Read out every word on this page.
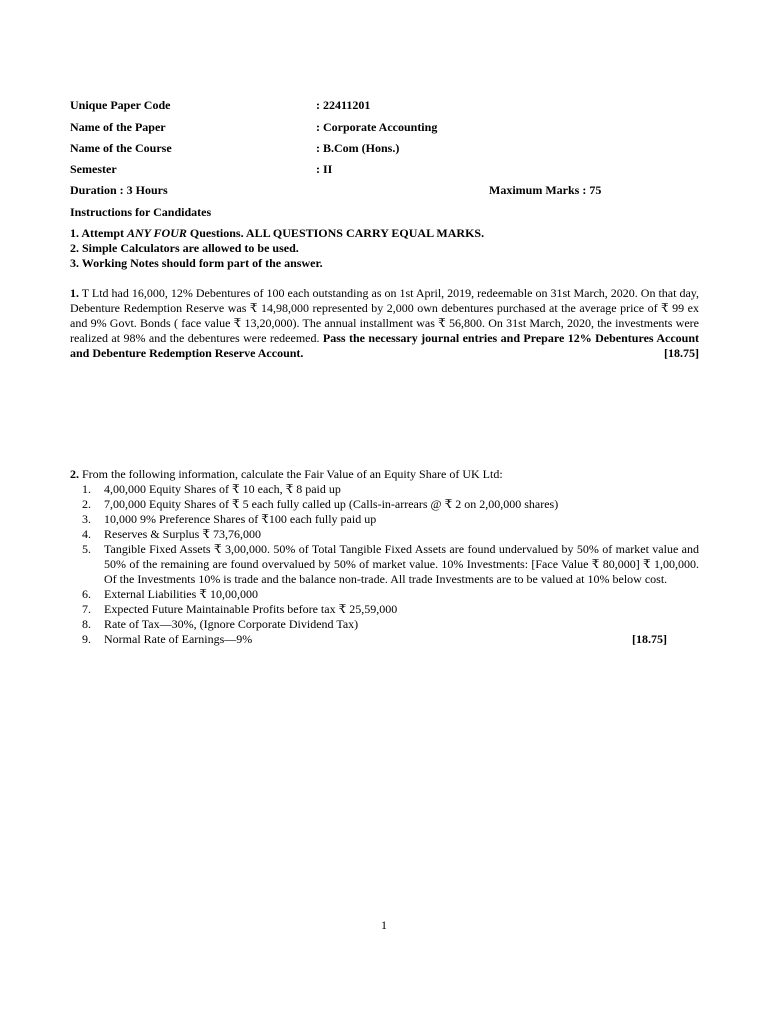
Unique Paper Code	: 22411201
Name of the Paper	: Corporate Accounting
Name of the Course	: B.Com (Hons.)
Semester	: II
Duration : 3 Hours	Maximum Marks : 75
Instructions for Candidates
1. Attempt ANY FOUR Questions. ALL QUESTIONS CARRY EQUAL MARKS.
2. Simple Calculators are allowed to be used.
3. Working Notes should form part of the answer.
1. T Ltd had 16,000, 12% Debentures of 100 each outstanding as on 1st April, 2019, redeemable on 31st March, 2020. On that day, Debenture Redemption Reserve was ₹ 14,98,000 represented by 2,000 own debentures purchased at the average price of ₹ 99 ex and 9% Govt. Bonds ( face value ₹ 13,20,000). The annual installment was ₹ 56,800. On 31st March, 2020, the investments were realized at 98% and the debentures were redeemed. Pass the necessary journal entries and Prepare 12% Debentures Account and Debenture Redemption Reserve Account.	[18.75]
2. From the following information, calculate the Fair Value of an Equity Share of UK Ltd:
1. 4,00,000 Equity Shares of ₹ 10 each, ₹ 8 paid up
2. 7,00,000 Equity Shares of ₹ 5 each fully called up (Calls-in-arrears @ ₹ 2 on 2,00,000 shares)
3. 10,000 9% Preference Shares of ₹100 each fully paid up
4. Reserves & Surplus ₹ 73,76,000
5. Tangible Fixed Assets ₹ 3,00,000. 50% of Total Tangible Fixed Assets are found undervalued by 50% of market value and 50% of the remaining are found overvalued by 50% of market value. 10% Investments: [Face Value ₹ 80,000] ₹ 1,00,000. Of the Investments 10% is trade and the balance non-trade. All trade Investments are to be valued at 10% below cost.
6. External Liabilities ₹ 10,00,000
7. Expected Future Maintainable Profits before tax ₹ 25,59,000
8. Rate of Tax—30%, (Ignore Corporate Dividend Tax)
9. Normal Rate of Earnings—9%	[18.75]
1
